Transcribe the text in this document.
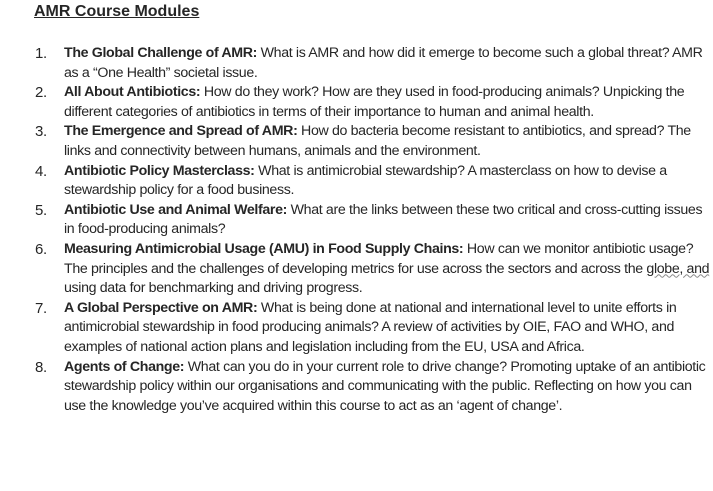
AMR Course Modules
1. The Global Challenge of AMR: What is AMR and how did it emerge to become such a global threat? AMR as a “One Health” societal issue.
2. All About Antibiotics: How do they work? How are they used in food-producing animals? Unpicking the different categories of antibiotics in terms of their importance to human and animal health.
3. The Emergence and Spread of AMR: How do bacteria become resistant to antibiotics, and spread? The links and connectivity between humans, animals and the environment.
4. Antibiotic Policy Masterclass: What is antimicrobial stewardship? A masterclass on how to devise a stewardship policy for a food business.
5. Antibiotic Use and Animal Welfare: What are the links between these two critical and cross-cutting issues in food-producing animals?
6. Measuring Antimicrobial Usage (AMU) in Food Supply Chains: How can we monitor antibiotic usage? The principles and the challenges of developing metrics for use across the sectors and across the globe, and using data for benchmarking and driving progress.
7. A Global Perspective on AMR: What is being done at national and international level to unite efforts in antimicrobial stewardship in food producing animals? A review of activities by OIE, FAO and WHO, and examples of national action plans and legislation including from the EU, USA and Africa.
8. Agents of Change: What can you do in your current role to drive change? Promoting uptake of an antibiotic stewardship policy within our organisations and communicating with the public. Reflecting on how you can use the knowledge you’ve acquired within this course to act as an ‘agent of change’.
